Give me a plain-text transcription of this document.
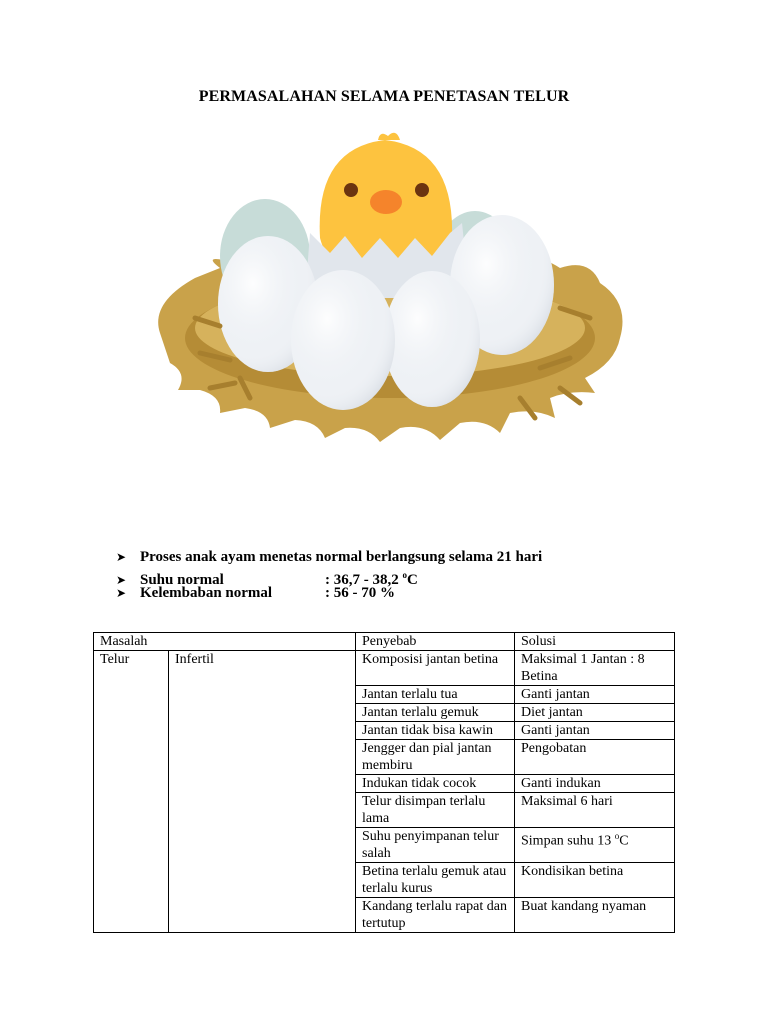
PERMASALAHAN SELAMA PENETASAN TELUR
➤ Proses anak ayam menetas normal berlangsung selama 21 hari
➤ Suhu normal	: 36,7 - 38,2 $^o$C
➤ Kelembaban normal	: 56 - 70 %
Masalah		Penyebab	Solusi
Telur	Infertil	Komposisi jantan betina	Maksimal 1 Jantan : 8 Betina
		Jantan terlalu tua	Ganti jantan
		Jantan terlalu gemuk	Diet jantan
		Jantan tidak bisa kawin	Ganti jantan
		Jengger dan pial jantan membiru	Pengobatan
		Indukan tidak cocok	Ganti indukan
		Telur disimpan terlalu lama	Maksimal 6 hari
		Suhu penyimpanan telur salah	Simpan suhu 13 $^o$C
		Betina terlalu gemuk atau terlalu kurus	Kondisikan betina
		Kandang terlalu rapat dan tertutup	Buat kandang nyaman
